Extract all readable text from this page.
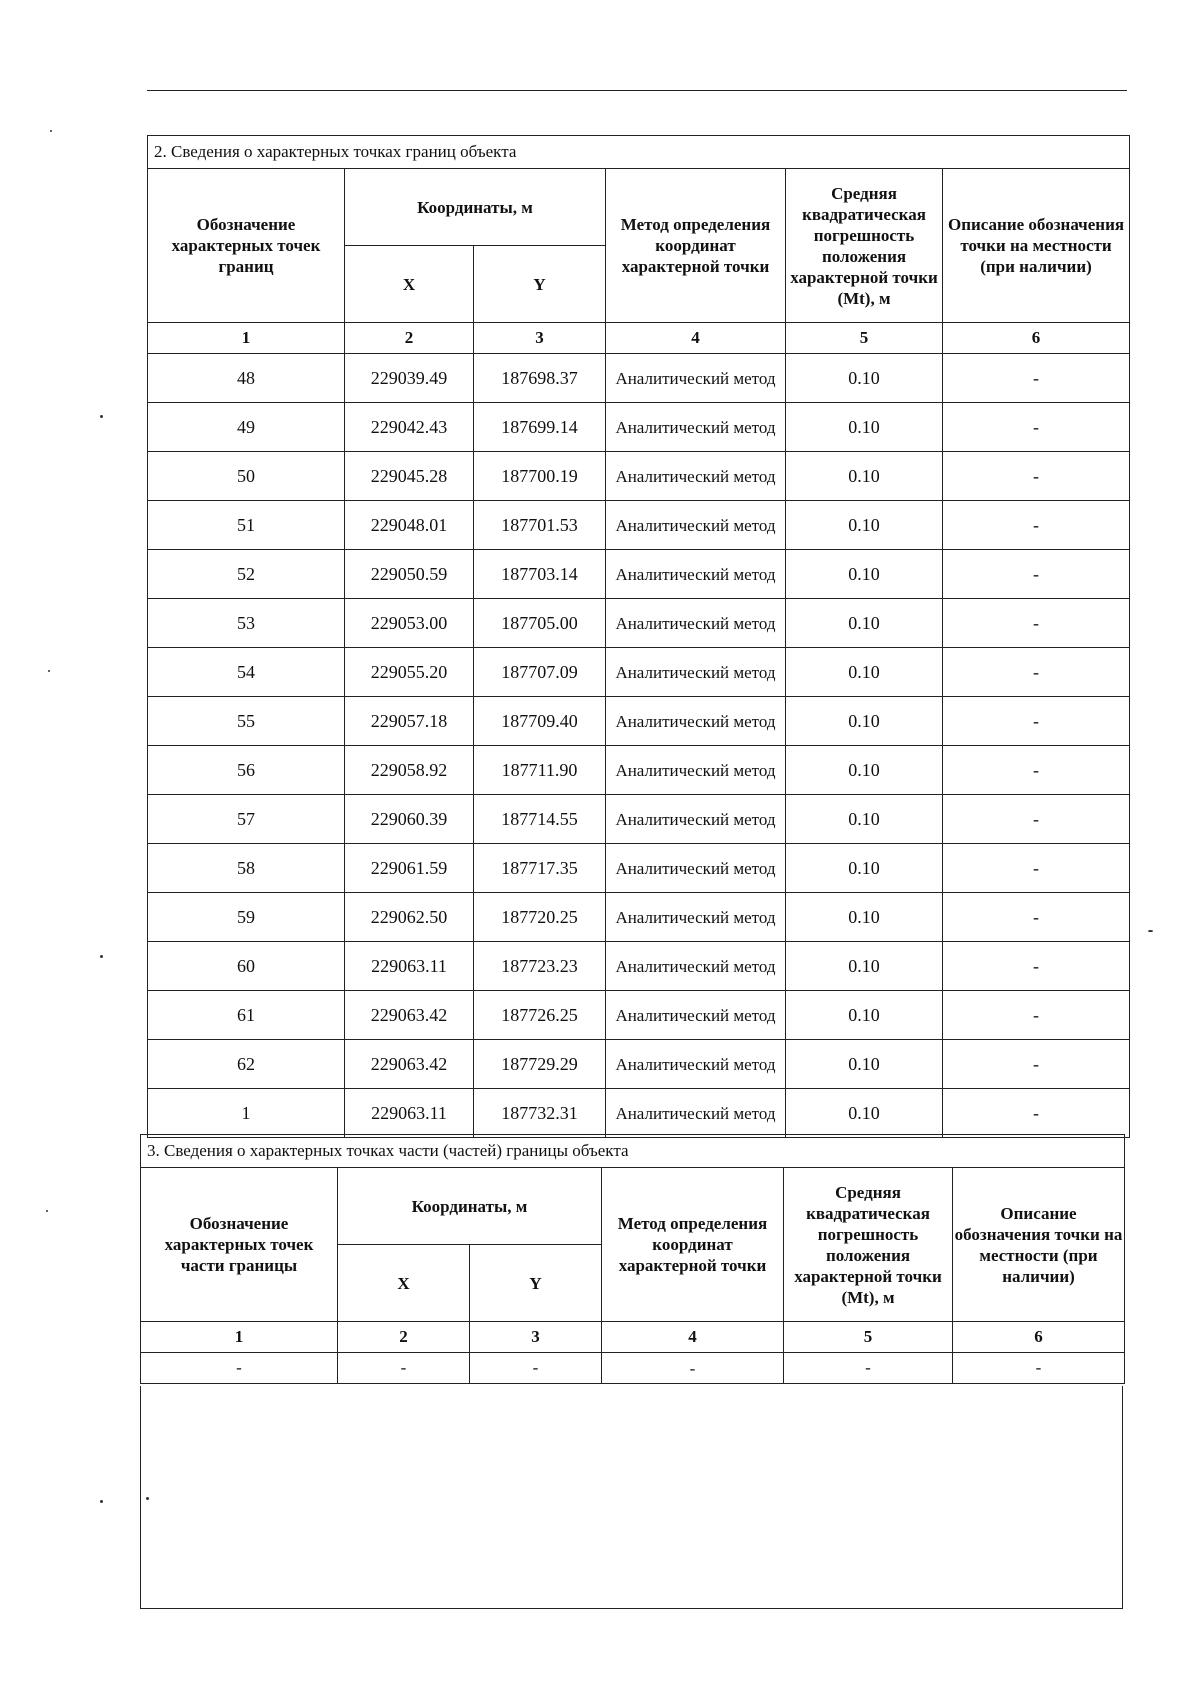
2. Сведения о характерных точках границ объекта					
Обозначение характерных точек границ	Координаты, м		Метод определения координат характерной точки	Средняя квадратическая погрешность положения характерной точки (Mt), м	Описание обозначения точки на местности (при наличии)
	X	Y			
1	2	3	4	5	6
48	229039.49	187698.37	Аналитический метод	0.10	-
49	229042.43	187699.14	Аналитический метод	0.10	-
50	229045.28	187700.19	Аналитический метод	0.10	-
51	229048.01	187701.53	Аналитический метод	0.10	-
52	229050.59	187703.14	Аналитический метод	0.10	-
53	229053.00	187705.00	Аналитический метод	0.10	-
54	229055.20	187707.09	Аналитический метод	0.10	-
55	229057.18	187709.40	Аналитический метод	0.10	-
56	229058.92	187711.90	Аналитический метод	0.10	-
57	229060.39	187714.55	Аналитический метод	0.10	-
58	229061.59	187717.35	Аналитический метод	0.10	-
59	229062.50	187720.25	Аналитический метод	0.10	-
60	229063.11	187723.23	Аналитический метод	0.10	-
61	229063.42	187726.25	Аналитический метод	0.10	-
62	229063.42	187729.29	Аналитический метод	0.10	-
1	229063.11	187732.31	Аналитический метод	0.10	-
3. Сведения о характерных точках части (частей) границы объекта					
Обозначение характерных точек части границы	Координаты, м		Метод определения координат характерной точки	Средняя квадратическая погрешность положения характерной точки (Mt), м	Описание обозначения точки на местности (при наличии)
	X	Y			
1	2	3	4	5	6
-	-	-	-	-	-
